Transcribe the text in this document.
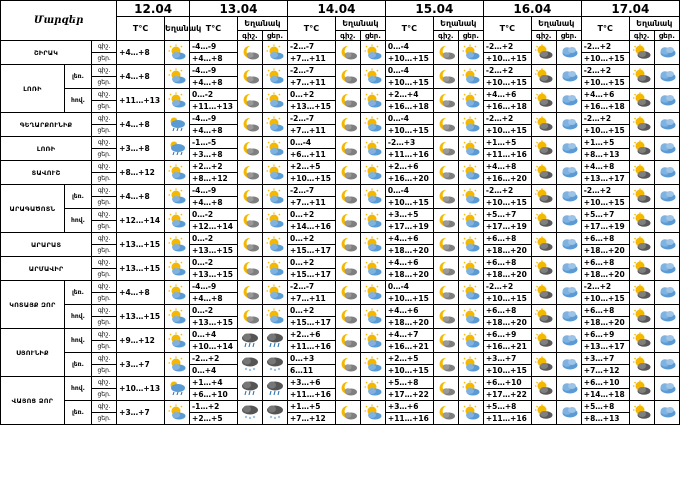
Մարզեր			12.04		13.04			14.04			15.04			16.04			17.04		
			T°C	Եղանակ	T°C	Եղանակ		T°C	Եղանակ		T°C	Եղանակ		T°C	Եղանակ		T°C	Եղանակ	
						գիշ.	ցեր.		գիշ.	ցեր.		գիշ.	ցեր.		գիշ.	ցեր.		գիշ.	ցեր.
ՇԻՐԱԿ		գիշ.	+4…+8		-4…-9			-2…-7			0…-4			-2…+2			-2…+2	

		ցեր.			+4…+8			+7…+11			+10…+15			+10…+15			+10…+15		
ԼՈՌԻ	լեռ.	գիշ.	+4…+8		-4…-9			-2…-7			0…-4			-2…+2			-2…+2	

		ցեր.			+4…+8			+7…+11			+10…+15			+10…+15			+10…+15		
	հով.	գիշ.	+11…+13		0…-2			0…+2			+2…+4			+4…+6			+4…+6	

		ցեր.			+11…+13			+13…+15			+16…+18			+16…+18			+16…+18		
ԳԵՂԱՐՔՈՒՆԻՔ		գիշ.	+4…+8		-4…-9			-2…-7			0…-4			-2…+2			-2…+2	

		ցեր.			+4…+8			+7…+11			+10…+15			+10…+15			+10…+15		
ԼՈՌԻ		գիշ.	+3…+8		-1…-5			0…-4			-2…+3			+1…+5			+1…+5	

		ցեր.			+3…+8			+6…+11			+11…+16			+11…+16			+8…+13		
ՏԱՎՈՒՇ		գիշ.	+8…+12		+2…+2			+2…+5			+2…+6			+4…+8			+4…+8	

		ցեր.			+8…+12			+10…+15			+16…+20			+16…+20			+13…+17		
ԱՐԱԳԱԾՈՏՆ	լեռ.	գիշ.	+4…+8		-4…-9			-2…-7			0…-4			-2…+2			-2…+2	

		ցեր.			+4…+8			+7…+11			+10…+15			+10…+15			+10…+15		
	հով.	գիշ.	+12…+14		0…-2			0…+2			+3…+5			+5…+7			+5…+7	

		ցեր.			+12…+14			+14…+16			+17…+19			+17…+19			+17…+19		
ԱՐԱՐԱՏ		գիշ.	+13…+15		0…-2			0…+2			+4…+6			+6…+8			+6…+8	

		ցեր.			+13…+15			+15…+17			+18…+20			+18…+20			+18…+20		
ԱՐՄԱՎԻՐ		գիշ.	+13…+15		0…-2			0…+2			+4…+6			+6…+8			+6…+8	

		ցեր.			+13…+15			+15…+17			+18…+20			+18…+20			+18…+20		
ԿՈՏԱՅՔ ԶՈՐ	լեռ.	գիշ.	+4…+8		-4…-9			-2…-7			0…-4			-2…+2			-2…+2	

		ցեր.			+4…+8			+7…+11			+10…+15			+10…+15			+10…+15		
	հով.	գիշ.	+13…+15		0…-2			0…+2			+4…+6			+6…+8			+6…+8	

		ցեր.			+13…+15			+15…+17			+18…+20			+18…+20			+18…+20		
ՍՅՈՒՆԻՔ	հով.	գիշ.	+9…+12		0…+4			+2…+6			+4…+7			+6…+9			+6…+9	

		ցեր.			+10…+14			+11…+16			+16…+21			+16…+21			+13…+17		
	լեռ.	գիշ.	+3…+7		-2…+2			0…+3			+2…+5			+3…+7			+3…+7	

		ցեր.			0…+4			6…11			+10…+15			+10…+15			+7…+12		
ՎԱՅՈՑ ՁՈՐ	հով.	գիշ.	+10…+13		+1…+4			+3…+6			+5…+8			+6…+10			+6…+10	

		ցեր.			+6…+10			+11…+16			+17…+22			+17…+22			+14…+18		
	լեռ.	գիշ.	+3…+7		-1…+2			+1…+5			+3…+6			+5…+8			+5…+8	

		ցեր.			+2…+5			+7…+12			+11…+16			+11…+16			+8…+13		
